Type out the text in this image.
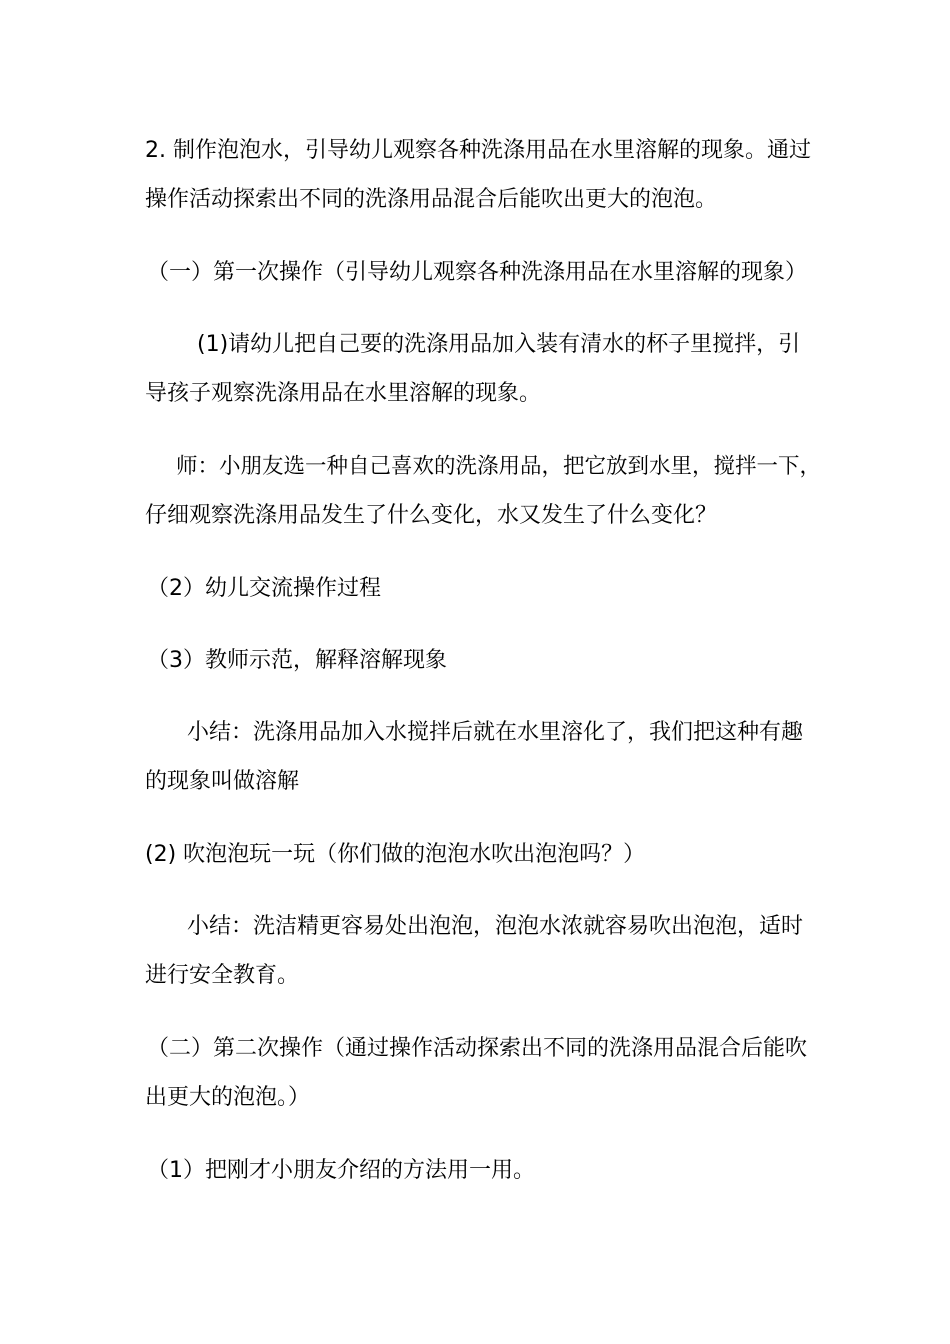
2. 制作泡泡水，引导幼儿观察各种洗涤用品在水里溶解的现象。通过
操作活动探索出不同的洗涤用品混合后能吹出更大的泡泡。
（一）第一次操作（引导幼儿观察各种洗涤用品在水里溶解的现象）
(1)请幼儿把自己要的洗涤用品加入装有清水的杯子里搅拌，引
导孩子观察洗涤用品在水里溶解的现象。
师：小朋友选一种自己喜欢的洗涤用品，把它放到水里，搅拌一下，
仔细观察洗涤用品发生了什么变化，水又发生了什么变化？
（2）幼儿交流操作过程
（3）教师示范，解释溶解现象
小结：洗涤用品加入水搅拌后就在水里溶化了，我们把这种有趣
的现象叫做溶解
(2) 吹泡泡玩一玩（你们做的泡泡水吹出泡泡吗？）
小结：洗洁精更容易处出泡泡，泡泡水浓就容易吹出泡泡，适时
进行安全教育。
（二）第二次操作（通过操作活动探索出不同的洗涤用品混合后能吹
出更大的泡泡。）
（1）把刚才小朋友介绍的方法用一用。
